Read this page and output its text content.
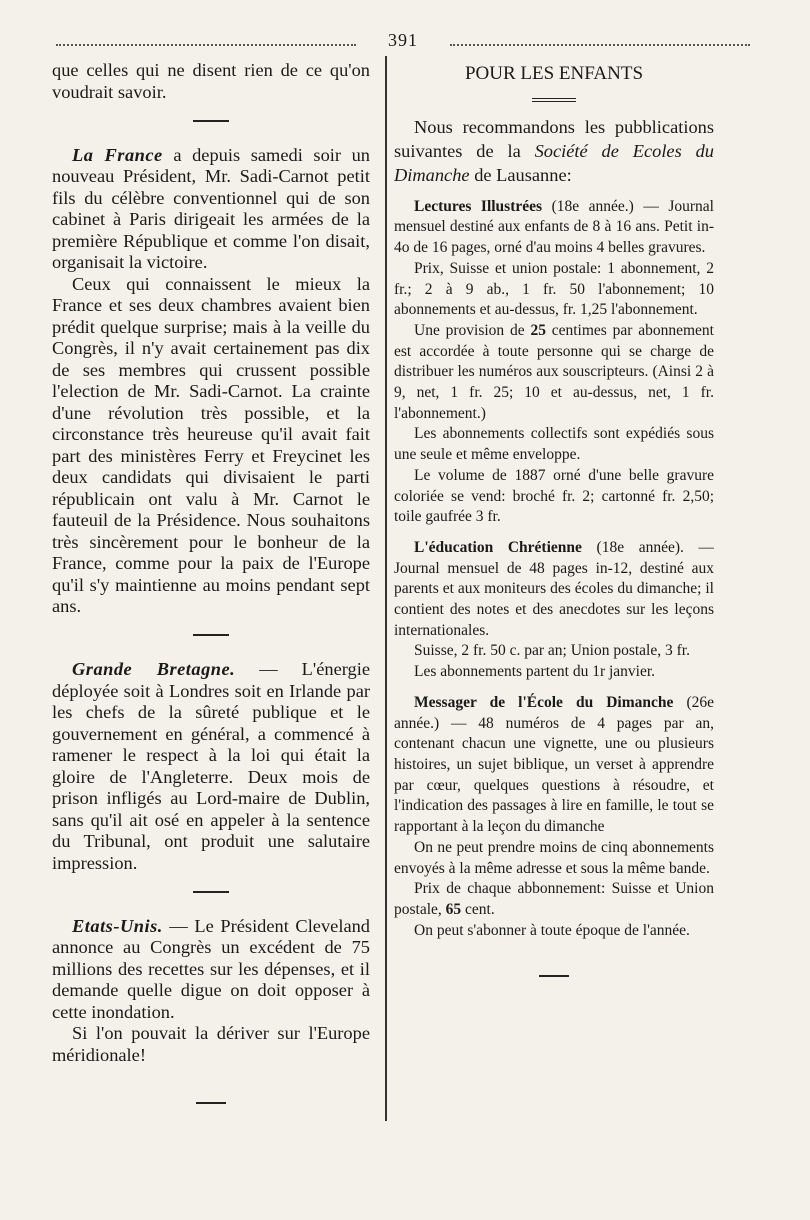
391

que celles qui ne disent rien de ce qu'on voudrait savoir.

La France a depuis samedi soir un nouveau Président, Mr. Sadi-Carnot petit fils du célèbre conventionnel qui de son cabinet à Paris dirigeait les armées de la première République et comme l'on disait, organisait la victoire.

Ceux qui connaissent le mieux la France et ses deux chambres avaient bien prédit quelque surprise; mais à la veille du Congrès, il n'y avait certainement pas dix de ses membres qui crussent possible l'election de Mr. Sadi-Carnot. La crainte d'une révolution très possible, et la circonstance très heureuse qu'il avait fait part des ministères Ferry et Freycinet les deux candidats qui divisaient le parti républicain ont valu à Mr. Carnot le fauteuil de la Présidence. Nous souhaitons très sincèrement pour le bonheur de la France, comme pour la paix de l'Europe qu'il s'y maintienne au moins pendant sept ans.

Grande Bretagne. — L'énergie déployée soit à Londres soit en Irlande par les chefs de la sûreté publique et le gouvernement en général, a commencé à ramener le respect à la loi qui était la gloire de l'Angleterre. Deux mois de prison infligés au Lord-maire de Dublin, sans qu'il ait osé en appeler à la sentence du Tribunal, ont produit une salutaire impression.

Etats-Unis. — Le Président Cleveland annonce au Congrès un excédent de 75 millions des recettes sur les dépenses, et il demande quelle digue on doit opposer à cette inondation.

Si l'on pouvait la dériver sur l'Europe méridionale!

POUR LES ENFANTS

Nous recommandons les pubblications suivantes de la Société de Ecoles du Dimanche de Lausanne:

Lectures Illustrées (18e année.) — Journal mensuel destiné aux enfants de 8 à 16 ans. Petit in-4o de 16 pages, orné d'au moins 4 belles gravures.

Prix, Suisse et union postale: 1 abonnement, 2 fr.; 2 à 9 ab., 1 fr. 50 l'abonnement; 10 abonnements et au-dessus, fr. 1,25 l'abonnement.

Une provision de 25 centimes par abonnement est accordée à toute personne qui se charge de distribuer les numéros aux souscripteurs. (Ainsi 2 à 9, net, 1 fr. 25; 10 et au-dessus, net, 1 fr. l'abonnement.)

Les abonnements collectifs sont expédiés sous une seule et même enveloppe.

Le volume de 1887 orné d'une belle gravure coloriée se vend: broché fr. 2; cartonné fr. 2,50; toile gaufrée 3 fr.

L'éducation Chrétienne (18e année). — Journal mensuel de 48 pages in-12, destiné aux parents et aux moniteurs des écoles du dimanche; il contient des notes et des anecdotes sur les leçons internationales.

Suisse, 2 fr. 50 c. par an; Union postale, 3 fr.

Les abonnements partent du 1r janvier.

Messager de l'École du Dimanche (26e année.) — 48 numéros de 4 pages par an, contenant chacun une vignette, une ou plusieurs histoires, un sujet biblique, un verset à apprendre par cœur, quelques questions à résoudre, et l'indication des passages à lire en famille, le tout se rapportant à la leçon du dimanche

On ne peut prendre moins de cinq abonnements envoyés à la même adresse et sous la même bande.

Prix de chaque abbonnement: Suisse et Union postale, 65 cent.

On peut s'abonner à toute époque de l'année.
